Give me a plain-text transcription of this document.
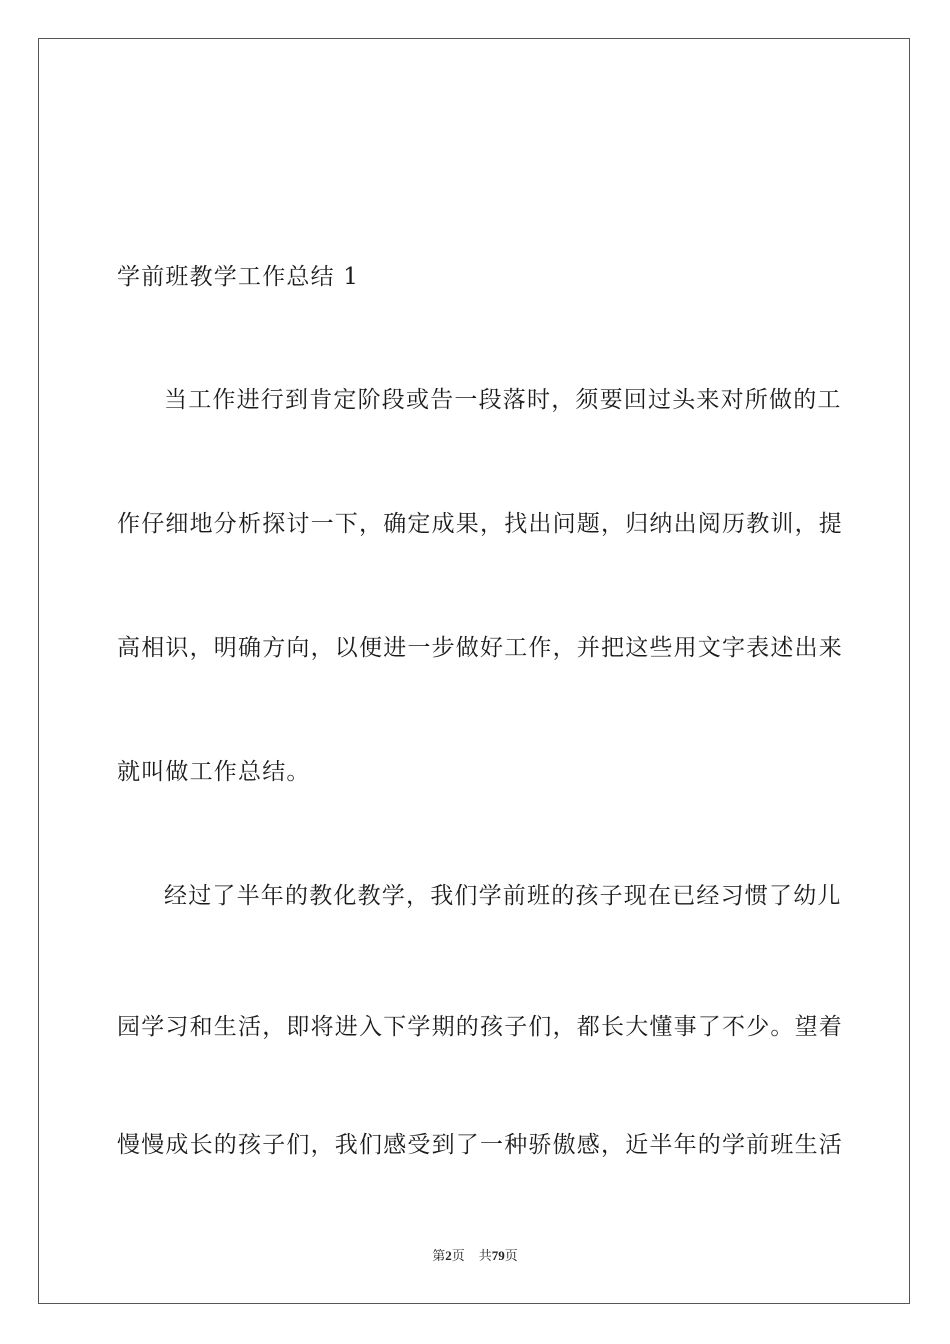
学前班教学工作总结 1
当工作进行到肯定阶段或告一段落时，须要回过头来对所做的工
作仔细地分析探讨一下，确定成果，找出问题，归纳出阅历教训，提
高相识，明确方向，以便进一步做好工作，并把这些用文字表述出来
就叫做工作总结。
经过了半年的教化教学，我们学前班的孩子现在已经习惯了幼儿
园学习和生活，即将进入下学期的孩子们，都长大懂事了不少。望着
慢慢成长的孩子们，我们感受到了一种骄傲感，近半年的学前班生活
第2页 共79页
